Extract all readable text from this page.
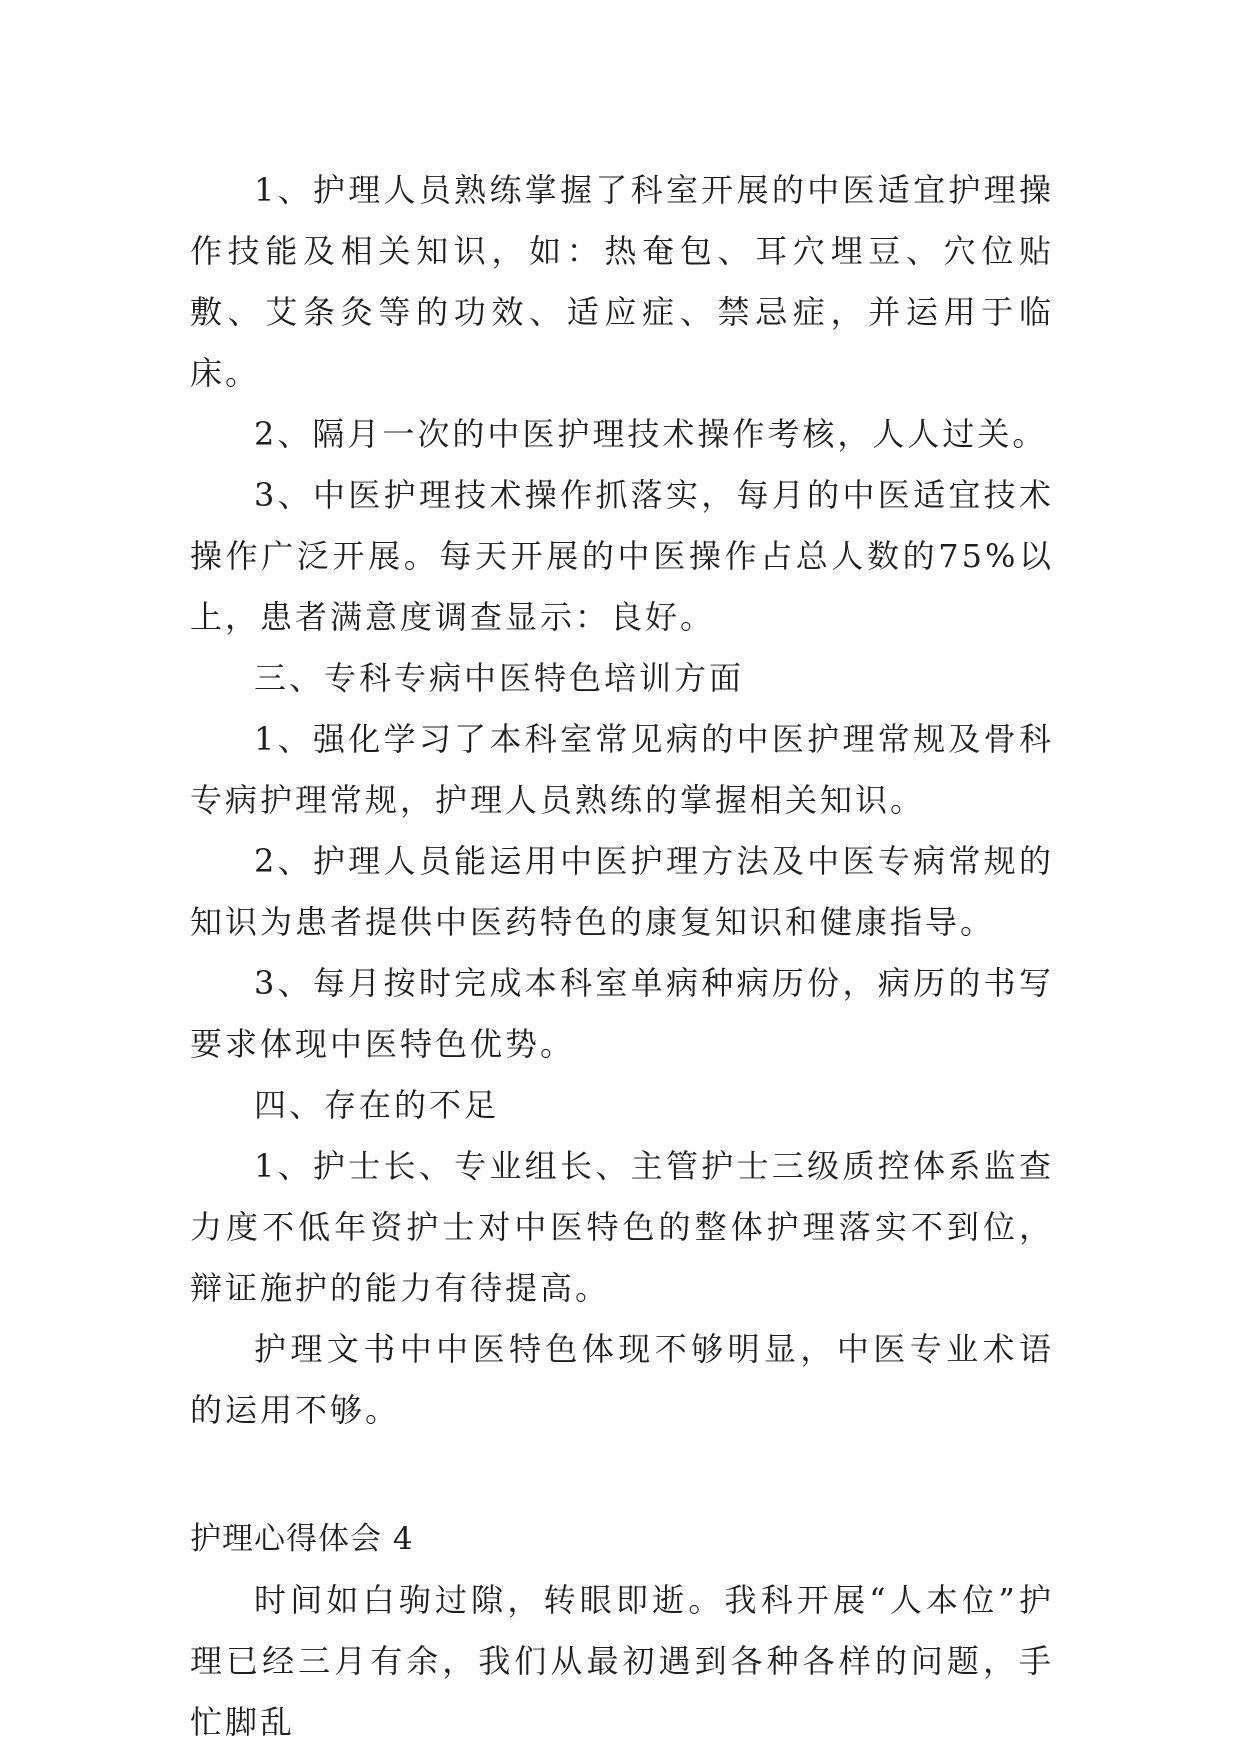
1、护理人员熟练掌握了科室开展的中医适宜护理操作技能及相关知识，如：热奄包、耳穴埋豆、穴位贴敷、艾条灸等的功效、适应症、禁忌症，并运用于临床。

2、隔月一次的中医护理技术操作考核，人人过关。

3、中医护理技术操作抓落实，每月的中医适宜技术操作广泛开展。每天开展的中医操作占总人数的75%以上，患者满意度调查显示：良好。

三、专科专病中医特色培训方面

1、强化学习了本科室常见病的中医护理常规及骨科专病护理常规，护理人员熟练的掌握相关知识。

2、护理人员能运用中医护理方法及中医专病常规的知识为患者提供中医药特色的康复知识和健康指导。

3、每月按时完成本科室单病种病历份，病历的书写要求体现中医特色优势。

四、存在的不足

1、护士长、专业组长、主管护士三级质控体系监查力度不低年资护士对中医特色的整体护理落实不到位，辩证施护的能力有待提高。

护理文书中中医特色体现不够明显，中医专业术语的运用不够。

护理心得体会 4

时间如白驹过隙，转眼即逝。我科开展“人本位”护理已经三月有余，我们从最初遇到各种各样的问题，手忙脚乱
